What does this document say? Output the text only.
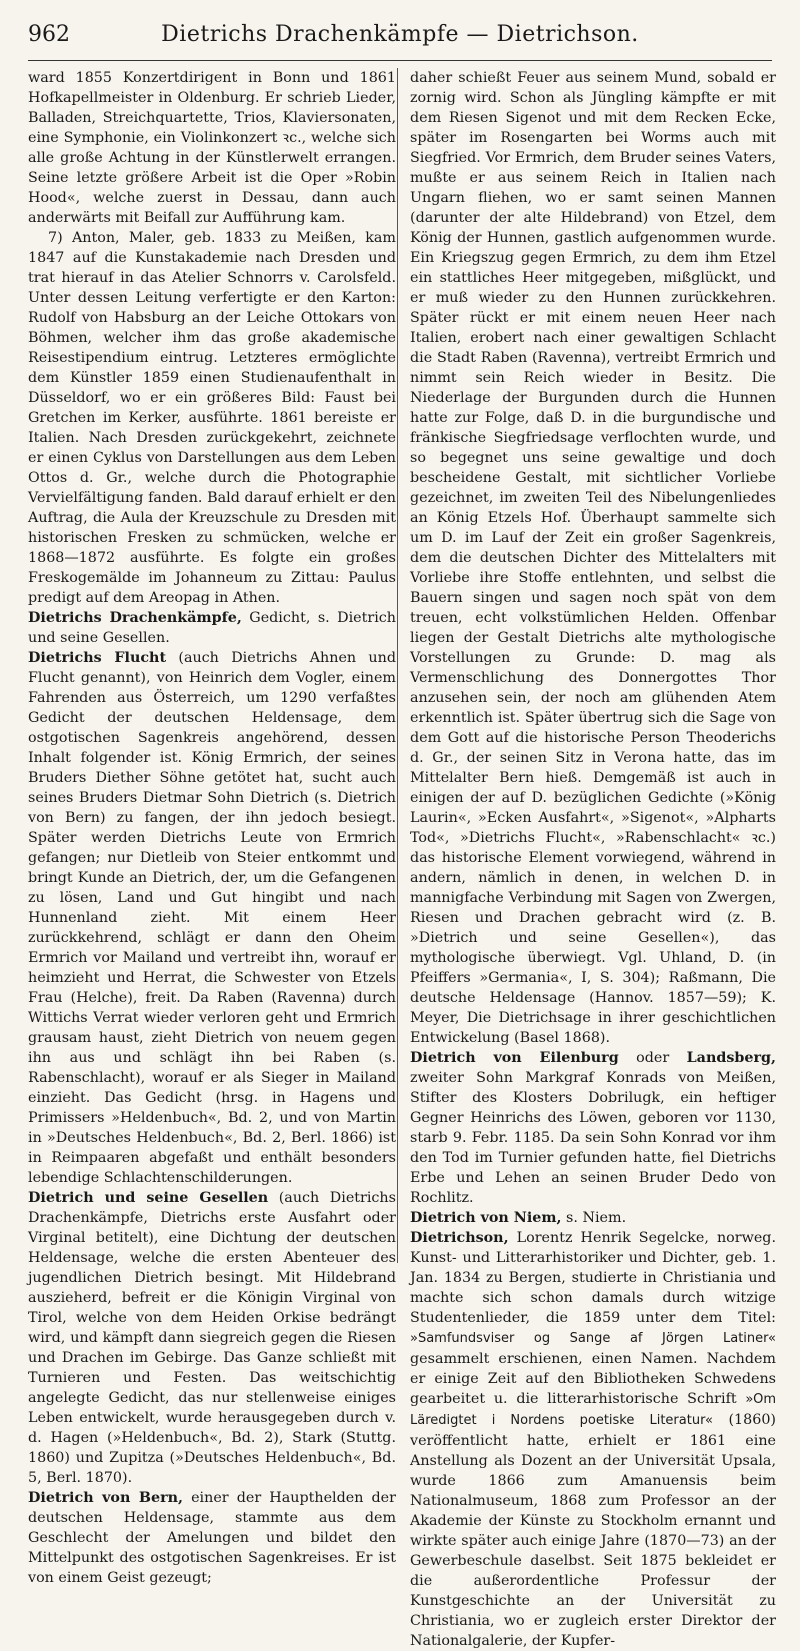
962	Dietrichs Drachenkämpfe — Dietrichson.

ward 1855 Konzertdirigent in Bonn und 1861 Hofkapellmeister in Oldenburg. Er schrieb Lieder, Balladen, Streichquartette, Trios, Klaviersonaten, eine Symphonie, ein Violinkonzert ꝛc., welche sich alle große Achtung in der Künstlerwelt errangen. Seine letzte größere Arbeit ist die Oper »Robin Hood«, welche zuerst in Dessau, dann auch anderwärts mit Beifall zur Aufführung kam.

7) Anton, Maler, geb. 1833 zu Meißen, kam 1847 auf die Kunstakademie nach Dresden und trat hierauf in das Atelier Schnorrs v. Carolsfeld. Unter dessen Leitung verfertigte er den Karton: Rudolf von Habsburg an der Leiche Ottokars von Böhmen, welcher ihm das große akademische Reisestipendium eintrug. Letzteres ermöglichte dem Künstler 1859 einen Studienaufenthalt in Düsseldorf, wo er ein größeres Bild: Faust bei Gretchen im Kerker, ausführte. 1861 bereiste er Italien. Nach Dresden zurückgekehrt, zeichnete er einen Cyklus von Darstellungen aus dem Leben Ottos d. Gr., welche durch die Photographie Vervielfältigung fanden. Bald darauf erhielt er den Auftrag, die Aula der Kreuzschule zu Dresden mit historischen Fresken zu schmücken, welche er 1868—1872 ausführte. Es folgte ein großes Freskogemälde im Johanneum zu Zittau: Paulus predigt auf dem Areopag in Athen.

Dietrichs Drachenkämpfe, Gedicht, s. Dietrich und seine Gesellen.

Dietrichs Flucht (auch Dietrichs Ahnen und Flucht genannt), von Heinrich dem Vogler, einem Fahrenden aus Österreich, um 1290 verfaßtes Gedicht der deutschen Heldensage, dem ostgotischen Sagenkreis angehörend, dessen Inhalt folgender ist. König Ermrich, der seines Bruders Diether Söhne getötet hat, sucht auch seines Bruders Dietmar Sohn Dietrich (s. Dietrich von Bern) zu fangen, der ihn jedoch besiegt. Später werden Dietrichs Leute von Ermrich gefangen; nur Dietleib von Steier entkommt und bringt Kunde an Dietrich, der, um die Gefangenen zu lösen, Land und Gut hingibt und nach Hunnenland zieht. Mit einem Heer zurückkehrend, schlägt er dann den Oheim Ermrich vor Mailand und vertreibt ihn, worauf er heimzieht und Herrat, die Schwester von Etzels Frau (Helche), freit. Da Raben (Ravenna) durch Wittichs Verrat wieder verloren geht und Ermrich grausam haust, zieht Dietrich von neuem gegen ihn aus und schlägt ihn bei Raben (s. Rabenschlacht), worauf er als Sieger in Mailand einzieht. Das Gedicht (hrsg. in Hagens und Primissers »Heldenbuch«, Bd. 2, und von Martin in »Deutsches Heldenbuch«, Bd. 2, Berl. 1866) ist in Reimpaaren abgefaßt und enthält besonders lebendige Schlachtenschilderungen.

Dietrich und seine Gesellen (auch Dietrichs Drachenkämpfe, Dietrichs erste Ausfahrt oder Virginal betitelt), eine Dichtung der deutschen Heldensage, welche die ersten Abenteuer des jugendlichen Dietrich besingt. Mit Hildebrand auszieherd, befreit er die Königin Virginal von Tirol, welche von dem Heiden Orkise bedrängt wird, und kämpft dann siegreich gegen die Riesen und Drachen im Gebirge. Das Ganze schließt mit Turnieren und Festen. Das weitschichtig angelegte Gedicht, das nur stellenweise einiges Leben entwickelt, wurde herausgegeben durch v. d. Hagen (»Heldenbuch«, Bd. 2), Stark (Stuttg. 1860) und Zupitza (»Deutsches Heldenbuch«, Bd. 5, Berl. 1870).

Dietrich von Bern, einer der Haupthelden der deutschen Heldensage, stammte aus dem Geschlecht der Amelungen und bildet den Mittelpunkt des ostgotischen Sagenkreises. Er ist von einem Geist gezeugt;

daher schießt Feuer aus seinem Mund, sobald er zornig wird. Schon als Jüngling kämpfte er mit dem Riesen Sigenot und mit dem Recken Ecke, später im Rosengarten bei Worms auch mit Siegfried. Vor Ermrich, dem Bruder seines Vaters, mußte er aus seinem Reich in Italien nach Ungarn fliehen, wo er samt seinen Mannen (darunter der alte Hildebrand) von Etzel, dem König der Hunnen, gastlich aufgenommen wurde. Ein Kriegszug gegen Ermrich, zu dem ihm Etzel ein stattliches Heer mitgegeben, mißglückt, und er muß wieder zu den Hunnen zurückkehren. Später rückt er mit einem neuen Heer nach Italien, erobert nach einer gewaltigen Schlacht die Stadt Raben (Ravenna), vertreibt Ermrich und nimmt sein Reich wieder in Besitz. Die Niederlage der Burgunden durch die Hunnen hatte zur Folge, daß D. in die burgundische und fränkische Siegfriedsage verflochten wurde, und so begegnet uns seine gewaltige und doch bescheidene Gestalt, mit sichtlicher Vorliebe gezeichnet, im zweiten Teil des Nibelungenliedes an König Etzels Hof. Überhaupt sammelte sich um D. im Lauf der Zeit ein großer Sagenkreis, dem die deutschen Dichter des Mittelalters mit Vorliebe ihre Stoffe entlehnten, und selbst die Bauern singen und sagen noch spät von dem treuen, echt volkstümlichen Helden. Offenbar liegen der Gestalt Dietrichs alte mythologische Vorstellungen zu Grunde: D. mag als Vermenschlichung des Donnergottes Thor anzusehen sein, der noch am glühenden Atem erkenntlich ist. Später übertrug sich die Sage von dem Gott auf die historische Person Theoderichs d. Gr., der seinen Sitz in Verona hatte, das im Mittelalter Bern hieß. Demgemäß ist auch in einigen der auf D. bezüglichen Gedichte (»König Laurin«, »Ecken Ausfahrt«, »Sigenot«, »Alpharts Tod«, »Dietrichs Flucht«, »Rabenschlacht« ꝛc.) das historische Element vorwiegend, während in andern, nämlich in denen, in welchen D. in mannigfache Verbindung mit Sagen von Zwergen, Riesen und Drachen gebracht wird (z. B. »Dietrich und seine Gesellen«), das mythologische überwiegt. Vgl. Uhland, D. (in Pfeiffers »Germania«, I, S. 304); Raßmann, Die deutsche Heldensage (Hannov. 1857—59); K. Meyer, Die Dietrichsage in ihrer geschichtlichen Entwickelung (Basel 1868).

Dietrich von Eilenburg oder Landsberg, zweiter Sohn Markgraf Konrads von Meißen, Stifter des Klosters Dobrilugk, ein heftiger Gegner Heinrichs des Löwen, geboren vor 1130, starb 9. Febr. 1185. Da sein Sohn Konrad vor ihm den Tod im Turnier gefunden hatte, fiel Dietrichs Erbe und Lehen an seinen Bruder Dedo von Rochlitz.

Dietrich von Niem, s. Niem.

Dietrichson, Lorentz Henrik Segelcke, norweg. Kunst- und Litterarhistoriker und Dichter, geb. 1. Jan. 1834 zu Bergen, studierte in Christiania und machte sich schon damals durch witzige Studentenlieder, die 1859 unter dem Titel: »Samfundsviser og Sange af Jörgen Latiner« gesammelt erschienen, einen Namen. Nachdem er einige Zeit auf den Bibliotheken Schwedens gearbeitet u. die litterarhistorische Schrift »Om Läredigtet i Nordens poetiske Literatur« (1860) veröffentlicht hatte, erhielt er 1861 eine Anstellung als Dozent an der Universität Upsala, wurde 1866 zum Amanuensis beim Nationalmuseum, 1868 zum Professor an der Akademie der Künste zu Stockholm ernannt und wirkte später auch einige Jahre (1870—73) an der Gewerbeschule daselbst. Seit 1875 bekleidet er die außerordentliche Professur der Kunstgeschichte an der Universität zu Christiania, wo er zugleich erster Direktor der Nationalgalerie, der Kupfer-
